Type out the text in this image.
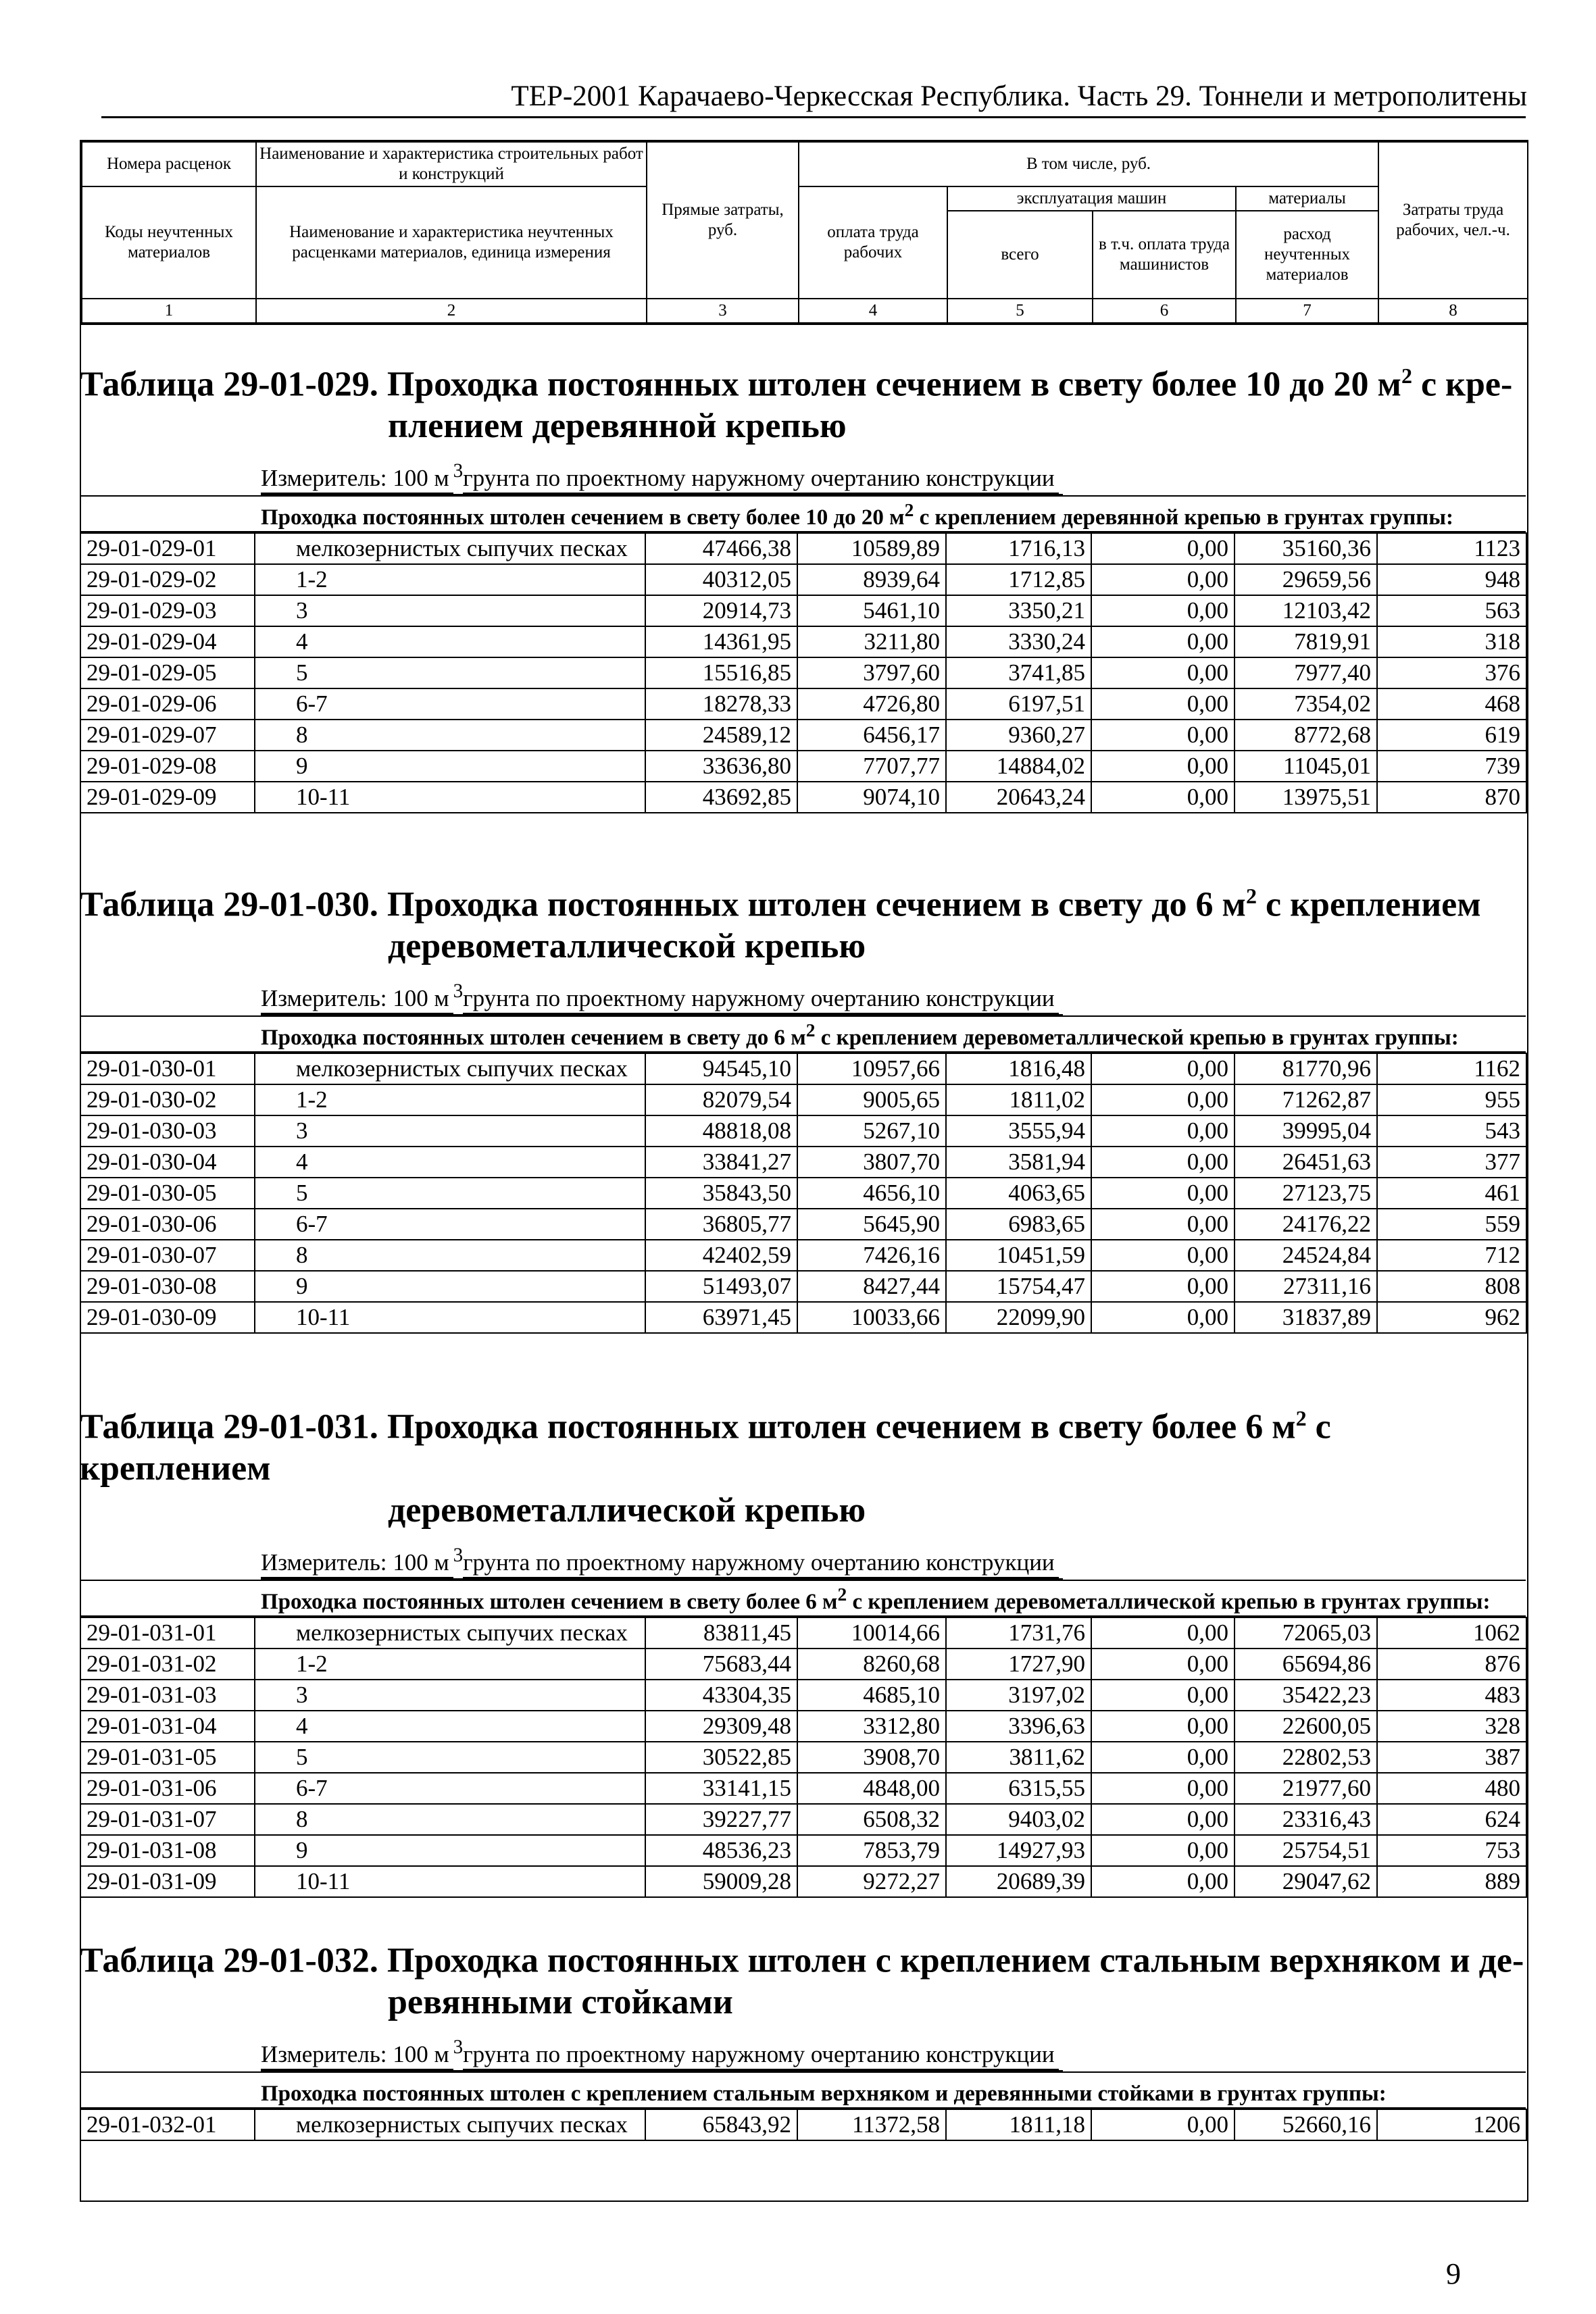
ТЕР-2001 Карачаево-Черкесская Республика. Часть 29. Тоннели и метрополитены
Номера расценок	Наименование и характеристика строительных работ и конструкций	Прямые затраты, руб.	В том числе, руб.				Затраты труда рабочих, чел.-ч.
Коды неучтенных материалов	Наименование и характеристика неучтенных расценками материалов, единица измерения		оплата труда рабочих	эксплуатация машин		материалы	
				всего	в т.ч. оплата труда машинистов	расход неучтенных материалов	
1	2	3	4	5	6	7	8

Таблица 29-01-029. Проходка постоянных штолен сечением в свету более 10 до 20 $м^2$ с кре-
плением деревянной крепью

Измеритель: 100 м $^3$грунта по проектному наружному очертанию конструкции
Проходка постоянных штолен сечением в свету более 10 до 20 $м^2$ с креплением деревянной крепью в грунтах группы:
29-01-029-01	мелкозернистых сыпучих песках	47466,38	10589,89	1716,13	0,00	35160,36	1123
29-01-029-02	1-2	40312,05	8939,64	1712,85	0,00	29659,56	948
29-01-029-03	3	20914,73	5461,10	3350,21	0,00	12103,42	563
29-01-029-04	4	14361,95	3211,80	3330,24	0,00	7819,91	318
29-01-029-05	5	15516,85	3797,60	3741,85	0,00	7977,40	376
29-01-029-06	6-7	18278,33	4726,80	6197,51	0,00	7354,02	468
29-01-029-07	8	24589,12	6456,17	9360,27	0,00	8772,68	619
29-01-029-08	9	33636,80	7707,77	14884,02	0,00	11045,01	739
29-01-029-09	10-11	43692,85	9074,10	20643,24	0,00	13975,51	870

Таблица 29-01-030. Проходка постоянных штолен сечением в свету до 6 $м^2$ с креплением
деревометаллической крепью

Измеритель: 100 м $^3$грунта по проектному наружному очертанию конструкции
Проходка постоянных штолен сечением в свету до 6 $м^2$ с креплением деревометаллической крепью в грунтах группы:
29-01-030-01	мелкозернистых сыпучих песках	94545,10	10957,66	1816,48	0,00	81770,96	1162
29-01-030-02	1-2	82079,54	9005,65	1811,02	0,00	71262,87	955
29-01-030-03	3	48818,08	5267,10	3555,94	0,00	39995,04	543
29-01-030-04	4	33841,27	3807,70	3581,94	0,00	26451,63	377
29-01-030-05	5	35843,50	4656,10	4063,65	0,00	27123,75	461
29-01-030-06	6-7	36805,77	5645,90	6983,65	0,00	24176,22	559
29-01-030-07	8	42402,59	7426,16	10451,59	0,00	24524,84	712
29-01-030-08	9	51493,07	8427,44	15754,47	0,00	27311,16	808
29-01-030-09	10-11	63971,45	10033,66	22099,90	0,00	31837,89	962

Таблица 29-01-031. Проходка постоянных штолен сечением в свету более 6 $м^2$ с креплением
деревометаллической крепью

Измеритель: 100 м $^3$грунта по проектному наружному очертанию конструкции
Проходка постоянных штолен сечением в свету более 6 $м^2$ с креплением деревометаллической крепью в грунтах группы:
29-01-031-01	мелкозернистых сыпучих песках	83811,45	10014,66	1731,76	0,00	72065,03	1062
29-01-031-02	1-2	75683,44	8260,68	1727,90	0,00	65694,86	876
29-01-031-03	3	43304,35	4685,10	3197,02	0,00	35422,23	483
29-01-031-04	4	29309,48	3312,80	3396,63	0,00	22600,05	328
29-01-031-05	5	30522,85	3908,70	3811,62	0,00	22802,53	387
29-01-031-06	6-7	33141,15	4848,00	6315,55	0,00	21977,60	480
29-01-031-07	8	39227,77	6508,32	9403,02	0,00	23316,43	624
29-01-031-08	9	48536,23	7853,79	14927,93	0,00	25754,51	753
29-01-031-09	10-11	59009,28	9272,27	20689,39	0,00	29047,62	889

Таблица 29-01-032. Проходка постоянных штолен с креплением стальным верхняком и де-
ревянными стойками

Измеритель: 100 м $^3$грунта по проектному наружному очертанию конструкции
Проходка постоянных штолен с креплением стальным верхняком и деревянными стойками в грунтах группы:
29-01-032-01	мелкозернистых сыпучих песках	65843,92	11372,58	1811,18	0,00	52660,16	1206
9
